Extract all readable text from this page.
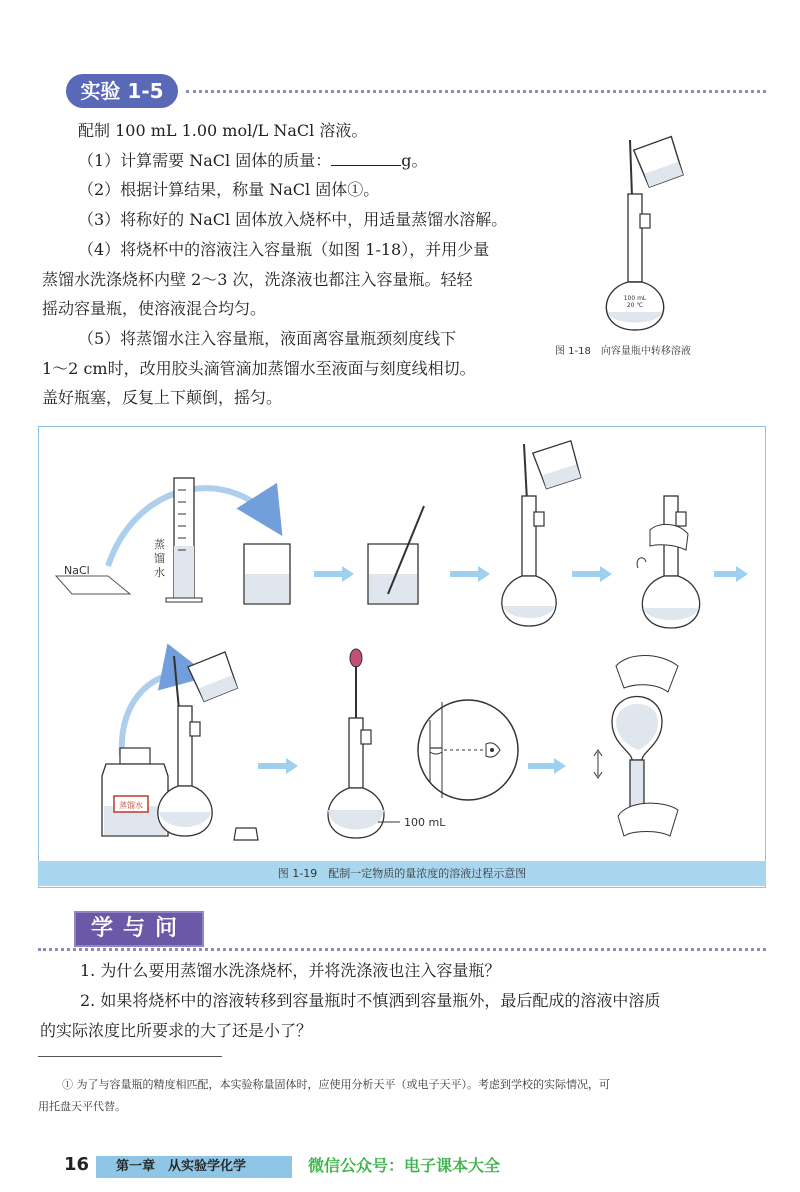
实验 1-5
配制 100 mL 1.00 mol/L NaCl 溶液。
（1）计算需要 NaCl 固体的质量：	g。
（2）根据计算结果，称量 NaCl 固体①。
（3）将称好的 NaCl 固体放入烧杯中，用适量蒸馏水溶解。
（4）将烧杯中的溶液注入容量瓶（如图 1-18），并用少量
蒸馏水洗涤烧杯内壁 2～3 次，洗涤液也都注入容量瓶。轻轻
摇动容量瓶，使溶液混合均匀。
（5）将蒸馏水注入容量瓶，液面离容量瓶颈刻度线下
1～2 cm时，改用胶头滴管滴加蒸馏水至液面与刻度线相切。
盖好瓶塞，反复上下颠倒，摇匀。
100 mL
20 ℃
图 1-18　向容量瓶中转移溶液
NaCl
蒸
馏
水
蒸馏水
100 mL
图 1-19　配制一定物质的量浓度的溶液过程示意图
学与问
1. 为什么要用蒸馏水洗涤烧杯，并将洗涤液也注入容量瓶？
2. 如果将烧杯中的溶液转移到容量瓶时不慎洒到容量瓶外，最后配成的溶液中溶质
的实际浓度比所要求的大了还是小了？
① 为了与容量瓶的精度相匹配，本实验称量固体时，应使用分析天平（或电子天平）。考虑到学校的实际情况，可
用托盘天平代替。
16 第一章　从实验学化学	微信公众号：电子课本大全
